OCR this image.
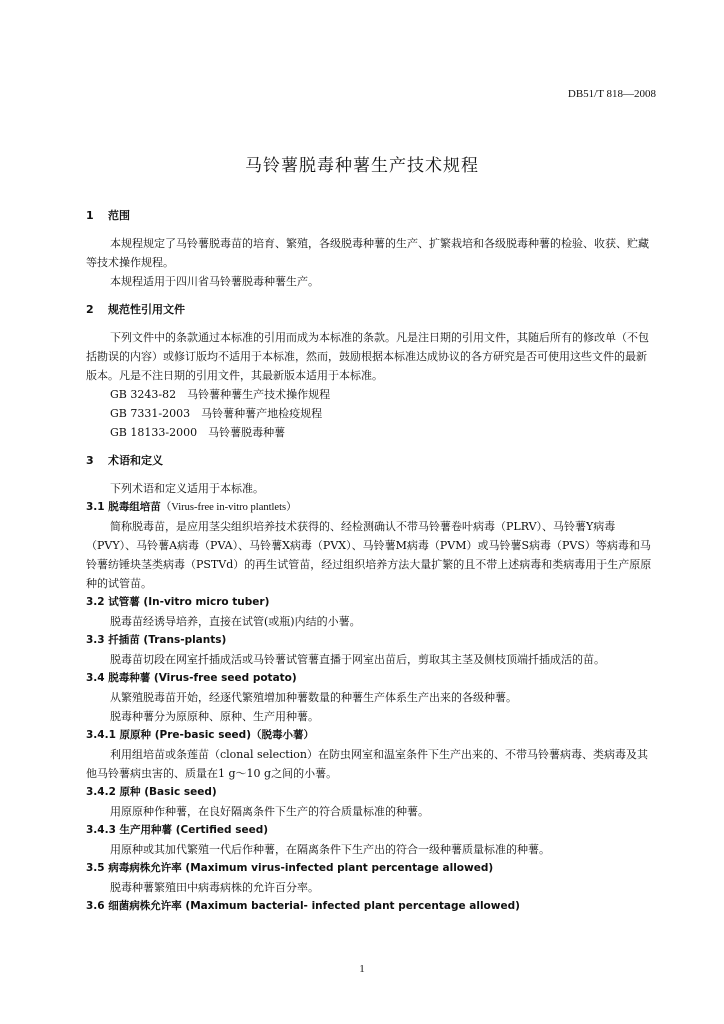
DB51/T 818—2008
马铃薯脱毒种薯生产技术规程

1 范围

本规程规定了马铃薯脱毒苗的培育、繁殖，各级脱毒种薯的生产、扩繁栽培和各级脱毒种薯的检验、收获、贮藏等技术操作规程。

本规程适用于四川省马铃薯脱毒种薯生产。

2 规范性引用文件

下列文件中的条款通过本标准的引用而成为本标准的条款。凡是注日期的引用文件，其随后所有的修改单（不包括勘误的内容）或修订版均不适用于本标准，然而，鼓励根据本标准达成协议的各方研究是否可使用这些文件的最新版本。凡是不注日期的引用文件，其最新版本适用于本标准。

GB 3243-82　马铃薯种薯生产技术操作规程

GB 7331-2003　马铃薯种薯产地检疫规程

GB 18133-2000　马铃薯脱毒种薯

3 术语和定义

下列术语和定义适用于本标准。

3.1 脱毒组培苗（Virus-free in-vitro plantlets）

简称脱毒苗，是应用茎尖组织培养技术获得的、经检测确认不带马铃薯卷叶病毒（PLRV）、马铃薯Y病毒（PVY）、马铃薯A病毒（PVA）、马铃薯X病毒（PVX）、马铃薯M病毒（PVM）或马铃薯S病毒（PVS）等病毒和马铃薯纺锤块茎类病毒（PSTVd）的再生试管苗，经过组织培养方法大量扩繁的且不带上述病毒和类病毒用于生产原原种的试管苗。

3.2 试管薯 (In-vitro micro tuber)

脱毒苗经诱导培养，直接在试管(或瓶)内结的小薯。

3.3 扦插苗 (Trans-plants)

脱毒苗切段在网室扦插成活或马铃薯试管薯直播于网室出苗后，剪取其主茎及侧枝顶端扦插成活的苗。

3.4 脱毒种薯 (Virus-free seed potato)

从繁殖脱毒苗开始，经逐代繁殖增加种薯数量的种薯生产体系生产出来的各级种薯。

脱毒种薯分为原原种、原种、生产用种薯。

3.4.1 原原种 (Pre-basic seed)（脱毒小薯）

利用组培苗或条莲苗（clonal selection）在防虫网室和温室条件下生产出来的、不带马铃薯病毒、类病毒及其他马铃薯病虫害的、质量在1 g～10 g之间的小薯。

3.4.2 原种 (Basic seed)

用原原种作种薯，在良好隔离条件下生产的符合质量标准的种薯。

3.4.3 生产用种薯 (Certified seed)

用原种或其加代繁殖一代后作种薯，在隔离条件下生产出的符合一级种薯质量标准的种薯。

3.5 病毒病株允许率 (Maximum virus-infected plant percentage allowed)

脱毒种薯繁殖田中病毒病株的允许百分率。

3.6 细菌病株允许率 (Maximum bacterial- infected plant percentage allowed)

1
